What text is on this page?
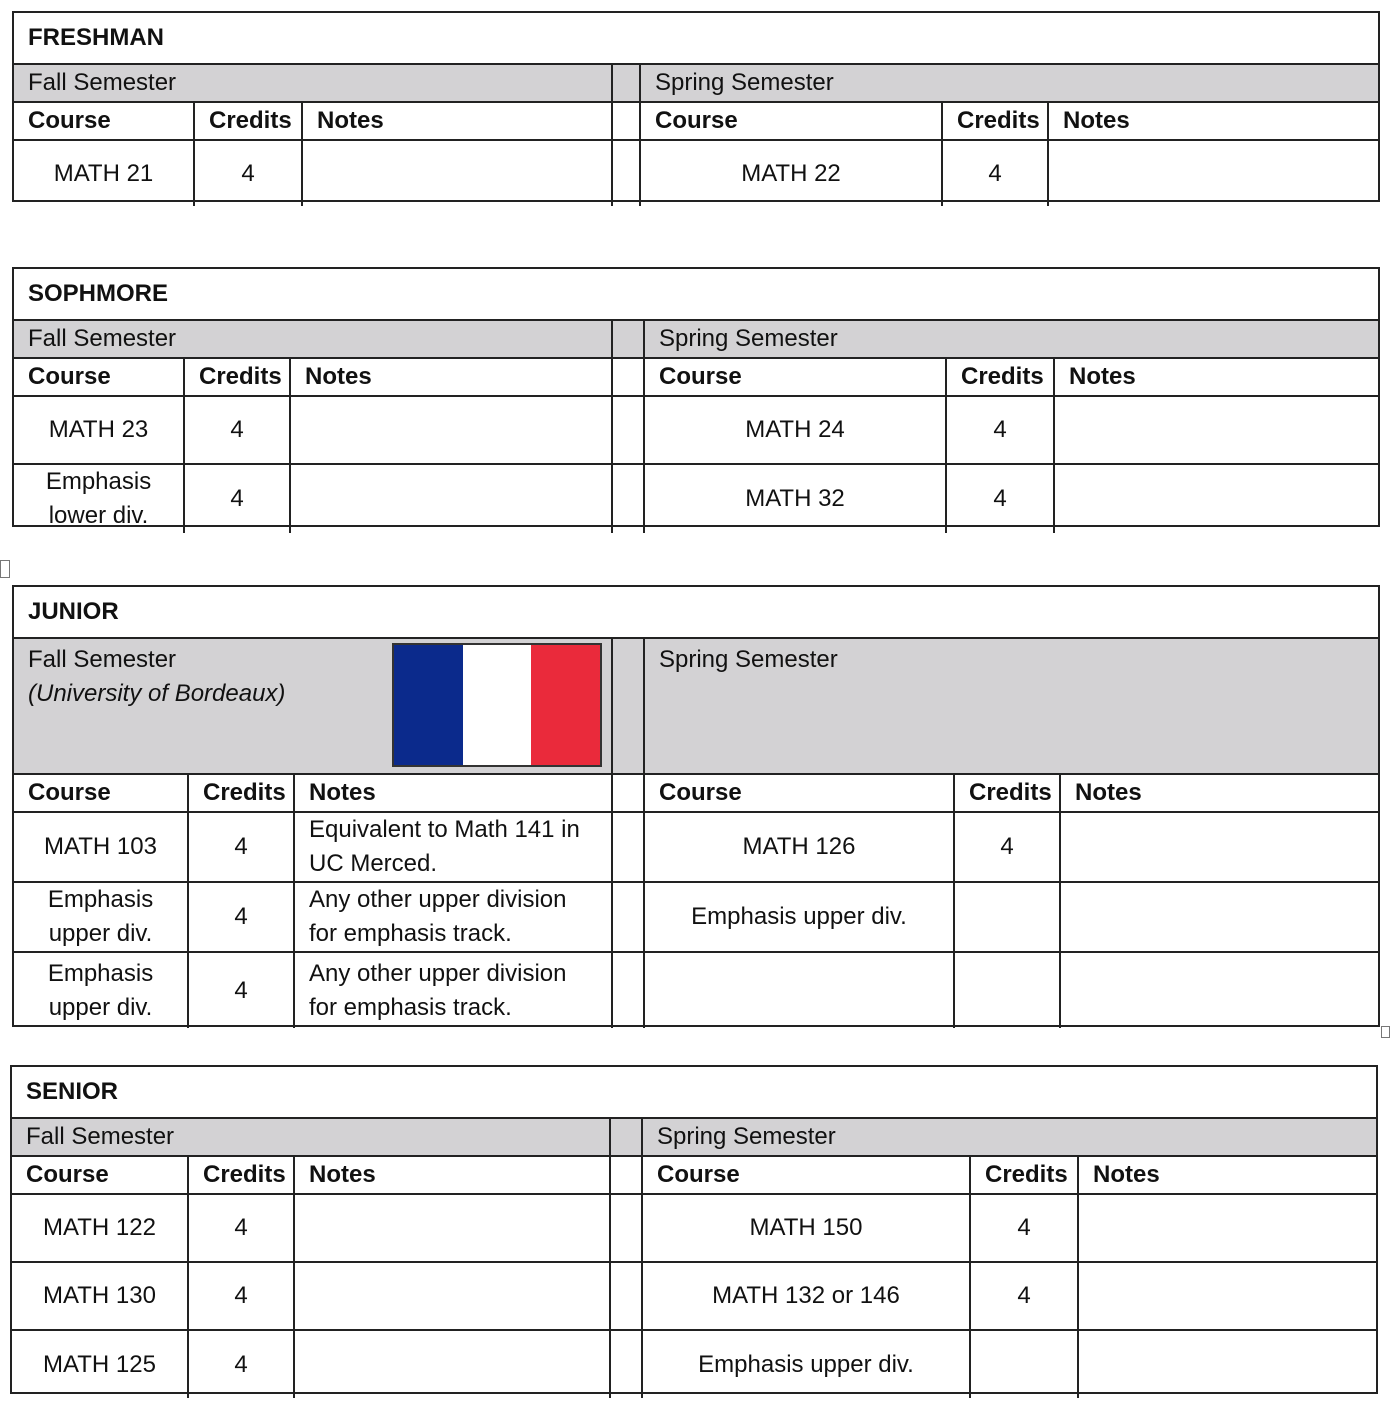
FRESHMAN						
Fall Semester				Spring Semester		
Course	Credits	Notes		Course	Credits	Notes
MATH 21	4			MATH 22	4	
SOPHMORE						
Fall Semester				Spring Semester		
Course	Credits	Notes		Course	Credits	Notes
MATH 23	4			MATH 24	4	
Emphasis lower div.	4			MATH 32	4	
JUNIOR						

Fall Semester
(University of Bordeaux)				Spring Semester		
Course	Credits	Notes		Course	Credits	Notes
MATH 103	4	Equivalent to Math 141 in UC Merced.		MATH 126	4	
Emphasis upper div.	4	Any other upper division for emphasis track.		Emphasis upper div.		
Emphasis upper div.	4	Any other upper division for emphasis track.				
SENIOR						
Fall Semester				Spring Semester		
Course	Credits	Notes		Course	Credits	Notes
MATH 122	4			MATH 150	4	
MATH 130	4			MATH 132 or 146	4	
MATH 125	4			Emphasis upper div.		
